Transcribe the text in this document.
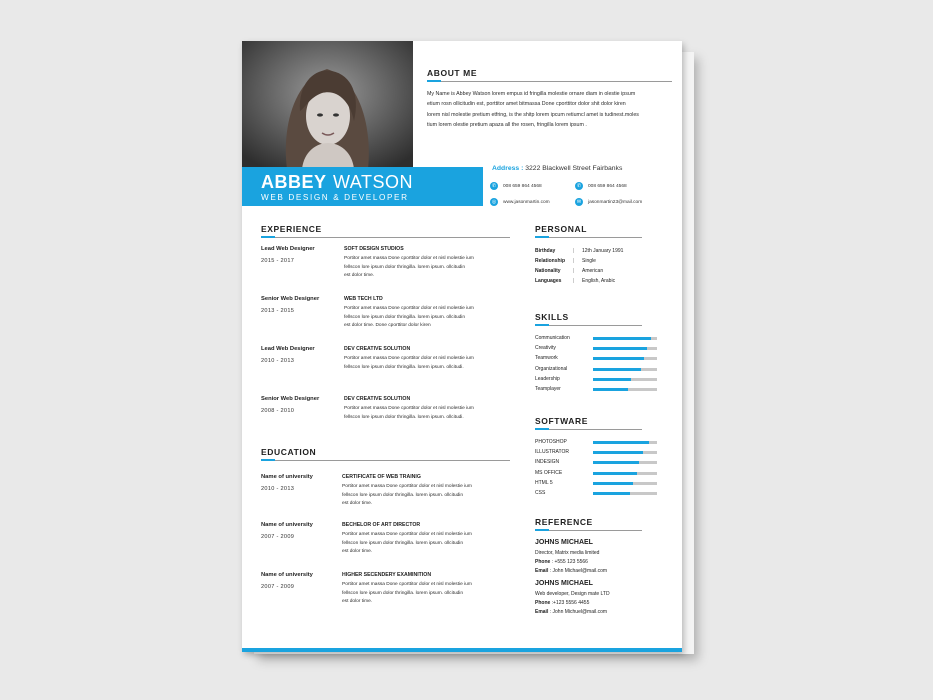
ABBEY WATSON
WEB DESIGN & DEVELOPER
ABOUT ME
My Name is Abbey Watson lorem empus id fringilla molestie ornare diam in olestie ipsum
etium rosn ollicitudin est, porttitor amet bitmassa Done cporttitor dolor shit dolor kiren
lorem nisl molestie pretium etfring, is the shitp lorem ipcum retiumcl amet is tudinest.moles
tium lorem olestie pretium apaza all the rosen, fringilla lorem ipsum .
Address : 3222 Blackwell Street Fairbanks
✆	008 659 864 4568	✆	008 659 864 4568
◎	www.jasonmartin.com	✉	jasonmartin23@mail.com
EXPERIENCE
Lead Web Designer
2015 - 2017
SOFT DESIGN STUDIOS
Portitor amet massa Done cporttitor dolor et nisl molestie ium
fellscon lore ipsum dolor thringilla. lorem ipsum. ollcitudin
est dolor time.
Senior Web Designer
2013 - 2015
WEB TECH LTD
Portitor amet massa Done cporttitor dolor et nisl molestie ium
fellscon lore ipsum dolor thringilla. lorem ipsum. ollcitudin
est dolor time. Done cporttitor dolor kiren
Lead Web Designer
2010 - 2013
DEV CREATIVE SOLUTION
Portitor amet massa Done cporttitor dolor et nisl molestie ium
fellscon lore ipsum dolor thringilla. lorem ipsum. ollcitudi.
Senior Web Designer
2008 - 2010
DEV CREATIVE SOLUTION
Portitor amet massa Done cporttitor dolor et nisl molestie ium
fellscon lore ipsum dolor thringilla. lorem ipsum. ollcitudi.
EDUCATION
Name of university
2010 - 2013
CERTIFICATE OF WEB TRAINIG
Portitor amet massa Done cporttitor dolor et nisl molestie ium
fellscon lore ipsum dolor thringilla. lorem ipsum. ollcitudin
est dolor time.
Name of university
2007 - 2009
BECHELOR OF ART DIRECTOR
Portitor amet massa Done cporttitor dolor et nisl molestie ium
fellscon lore ipsum dolor thringilla. lorem ipsum. ollcitudin
est dolor time.
Name of university
2007 - 2009
HIGHER SECENDERY EXAMINITION
Portitor amet massa Done cporttitor dolor et nisl molestie ium
fellscon lore ipsum dolor thringilla. lorem ipsum. ollcitudin
est dolor time.
PERSONAL
Birthday	| 12th January 1991
Relationship | Single
Nationality | American
Languages | English, Arabic
SKILLS
Communication
Creativity
Teamwork
Organizational
Leadership
Teamplayer
SOFTWARE
PHOTOSHOP
ILLUSTRATOR
INDESIGN
MS OFFICE
HTML 5
CSS
REFERENCE
JOHNS MICHAEL
Director, Matrix media limited
Phone : +555 123 5566
Email : John Michael@mail.com
JOHNS MICHAEL
Web developer, Design mate LTD
Phone :+123 5556 4455
Email : John Michuel@mail.com
